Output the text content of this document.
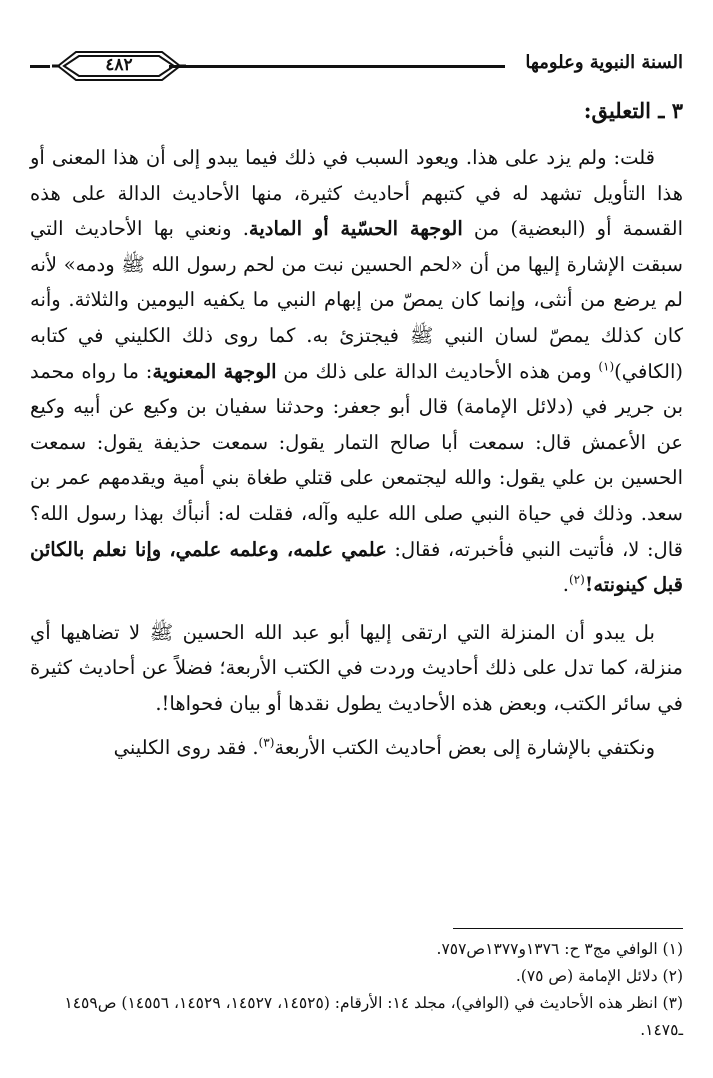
السنة النبوية وعلومها
٤٨٢
٣ ـ التعليق:

قلت: ولم يزد على هذا. ويعود السبب في ذلك فيما يبدو إلى أن هذا المعنى أو هذا التأويل تشهد له في كتبهم أحاديث كثيرة، منها الأحاديث الدالة على هذه القسمة أو (البعضية) من الوجهة الحسّية أو المادية. ونعني بها الأحاديث التي سبقت الإشارة إليها من أن «لحم الحسين نبت من لحم رسول الله ﷺ ودمه» لأنه لم يرضع من أنثى، وإنما كان يمصّ من إبهام النبي ما يكفيه اليومين والثلاثة. وأنه كان كذلك يمصّ لسان النبي ﷺ فيجتزئ به. كما روى ذلك الكليني في كتابه (الكافي)$^{(١)}$ ومن هذه الأحاديث الدالة على ذلك من الوجهة المعنوية: ما رواه محمد بن جرير في (دلائل الإمامة) قال أبو جعفر: وحدثنا سفيان بن وكيع عن أبيه وكيع عن الأعمش قال: سمعت أبا صالح التمار يقول: سمعت حذيفة يقول: سمعت الحسين بن علي يقول: والله ليجتمعن على قتلي طغاة بني أمية ويقدمهم عمر بن سعد. وذلك في حياة النبي صلى الله عليه وآله، فقلت له: أنبأك بهذا رسول الله؟ قال: لا، فأتيت النبي فأخبرته، فقال: علمي علمه، وعلمه علمي، وإنا نعلم بالكائن قبل كينونته!$^{(٢)}$.

بل يبدو أن المنزلة التي ارتقى إليها أبو عبد الله الحسين ﷺ لا تضاهيها أي منزلة، كما تدل على ذلك أحاديث وردت في الكتب الأربعة؛ فضلاً عن أحاديث كثيرة في سائر الكتب، وبعض هذه الأحاديث يطول نقدها أو بيان فحواها!.

ونكتفي بالإشارة إلى بعض أحاديث الكتب الأربعة$^{(٣)}$. فقد روى الكليني

(١) الوافي مج٣ ح: ١٣٧٦و١٣٧٧ص٧٥٧.

(٢) دلائل الإمامة (ص ٧٥).

(٣) انظر هذه الأحاديث في (الوافي)، مجلد ١٤: الأرقام: (١٤٥٢٥، ١٤٥٢٧، ١٤٥٢٩، ١٤٥٥٦) ص١٤٥٩ ـ١٤٧٥.
